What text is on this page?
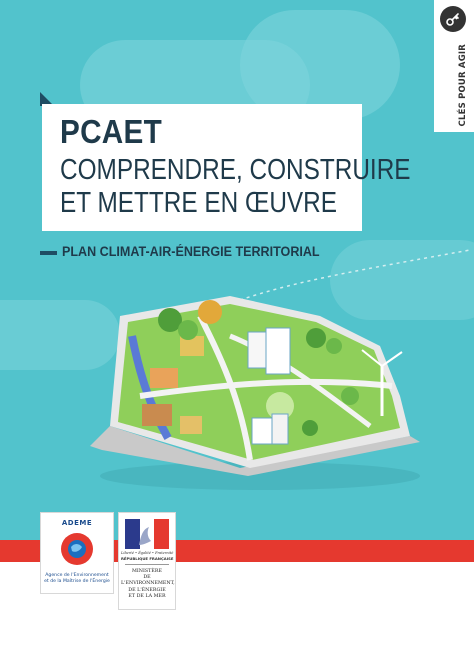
CLÉS POUR AGIR
PCAET
COMPRENDRE, CONSTRUIRE
ET METTRE EN ŒUVRE
PLAN CLIMAT-AIR-ÉNERGIE TERRITORIAL
ADEME
Agence de l'Environnement et de la Maîtrise de l'Énergie
Liberté • Égalité • Fraternité
RÉPUBLIQUE FRANÇAISE
MINISTÈRE
DE L'ENVIRONNEMENT,
DE L'ÉNERGIE
ET DE LA MER
